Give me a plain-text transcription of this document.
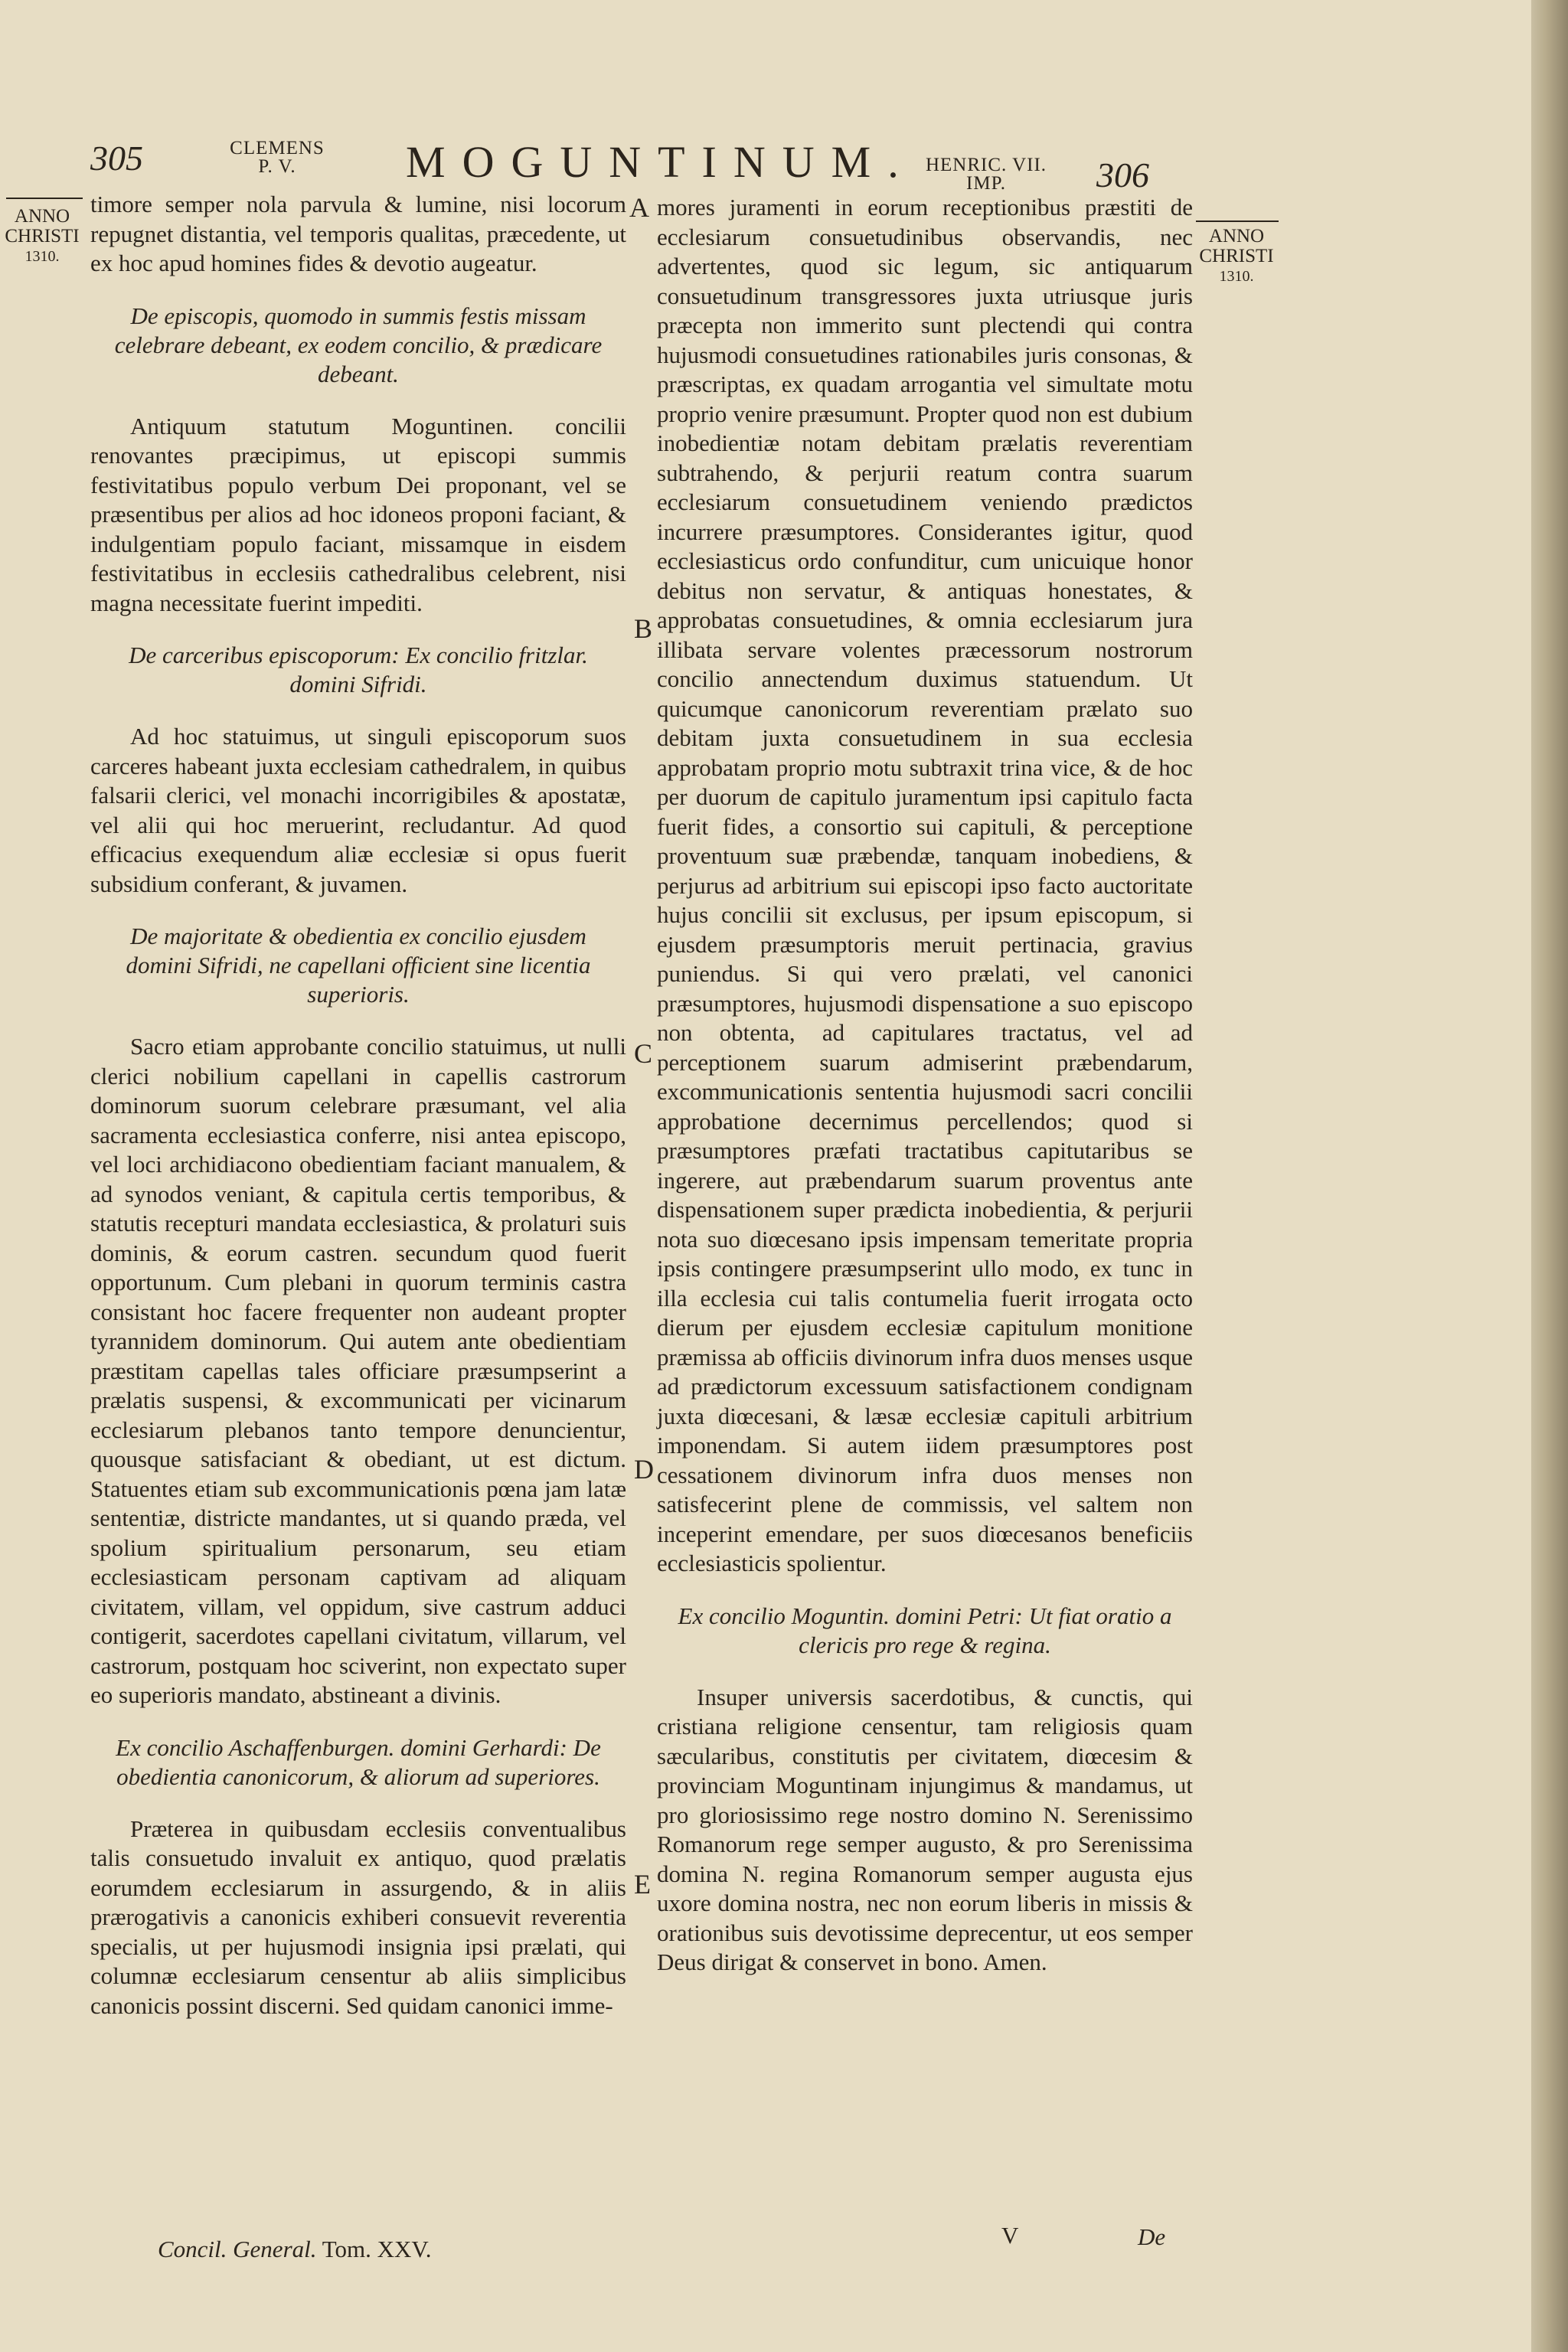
305	CLEMENS
P. V.	MOGUNTINUM. HENRIC. VII.
IMP.	306
ANNO
CHRISTI
1310.
ANNO
CHRISTI
1310.
A
B
C
D
E

timore semper nola parvula & lumine, nisi locorum repugnet distantia, vel temporis qualitas, præcedente, ut ex hoc apud homines fides & devotio augeatur.

De episcopis, quomodo in summis festis missam celebrare debeant, ex eodem concilio, & prædicare debeant.

Antiquum statutum Moguntinen. concilii renovantes præcipimus, ut episcopi summis festivitatibus populo verbum Dei proponant, vel se præsentibus per alios ad hoc idoneos proponi faciant, & indulgentiam populo faciant, missamque in eisdem festivitatibus in ecclesiis cathedralibus celebrent, nisi magna necessitate fuerint impediti.

De carceribus episcoporum: Ex concilio fritzlar. domini Sifridi.

Ad hoc statuimus, ut singuli episcoporum suos carceres habeant juxta ecclesiam cathedralem, in quibus falsarii clerici, vel monachi incorrigibiles & apostatæ, vel alii qui hoc meruerint, recludantur. Ad quod efficacius exequendum aliæ ecclesiæ si opus fuerit subsidium conferant, & juvamen.

De majoritate & obedientia ex concilio ejusdem domini Sifridi, ne capellani officient sine licentia superioris.

Sacro etiam approbante concilio statuimus, ut nulli clerici nobilium capellani in capellis castrorum dominorum suorum celebrare præsumant, vel alia sacramenta ecclesiastica conferre, nisi antea episcopo, vel loci archidiacono obedientiam faciant manualem, & ad synodos veniant, & capitula certis temporibus, & statutis recepturi mandata ecclesiastica, & prolaturi suis dominis, & eorum castren. secundum quod fuerit opportunum. Cum plebani in quorum terminis castra consistant hoc facere frequenter non audeant propter tyrannidem dominorum. Qui autem ante obedientiam præstitam capellas tales officiare præsumpserint a prælatis suspensi, & excommunicati per vicinarum ecclesiarum plebanos tanto tempore denuncientur, quousque satisfaciant & obediant, ut est dictum. Statuentes etiam sub excommunicationis pœna jam latæ sententiæ, districte mandantes, ut si quando præda, vel spolium spiritualium personarum, seu etiam ecclesiasticam personam captivam ad aliquam civitatem, villam, vel oppidum, sive castrum adduci contigerit, sacerdotes capellani civitatum, villarum, vel castrorum, postquam hoc sciverint, non expectato super eo superioris mandato, abstineant a divinis.

Ex concilio Aschaffenburgen. domini Gerhardi: De obedientia canonicorum, & aliorum ad superiores.

Præterea in quibusdam ecclesiis conventualibus talis consuetudo invaluit ex antiquo, quod prælatis eorumdem ecclesiarum in assurgendo, & in aliis prærogativis a canonicis exhiberi consuevit reverentia specialis, ut per hujusmodi insignia ipsi prælati, qui columnæ ecclesiarum censentur ab aliis simplicibus canonicis possint discerni. Sed quidam canonici imme-

Concil. General. Tom. XXV.

mores juramenti in eorum receptionibus præstiti de ecclesiarum consuetudinibus observandis, nec advertentes, quod sic legum, sic antiquarum consuetudinum transgressores juxta utriusque juris præcepta non immerito sunt plectendi qui contra hujusmodi consuetudines rationabiles juris consonas, & præscriptas, ex quadam arrogantia vel simultate motu proprio venire præsumunt. Propter quod non est dubium inobedientiæ notam debitam prælatis reverentiam subtrahendo, & perjurii reatum contra suarum ecclesiarum consuetudinem veniendo prædictos incurrere præsumptores. Considerantes igitur, quod ecclesiasticus ordo confunditur, cum unicuique honor debitus non servatur, & antiquas honestates, & approbatas consuetudines, & omnia ecclesiarum jura illibata servare volentes præcessorum nostrorum concilio annectendum duximus statuendum. Ut quicumque canonicorum reverentiam prælato suo debitam juxta consuetudinem in sua ecclesia approbatam proprio motu subtraxit trina vice, & de hoc per duorum de capitulo juramentum ipsi capitulo facta fuerit fides, a consortio sui capituli, & perceptione proventuum suæ præbendæ, tanquam inobediens, & perjurus ad arbitrium sui episcopi ipso facto auctoritate hujus concilii sit exclusus, per ipsum episcopum, si ejusdem præsumptoris meruit pertinacia, gravius puniendus. Si qui vero prælati, vel canonici præsumptores, hujusmodi dispensatione a suo episcopo non obtenta, ad capitulares tractatus, vel ad perceptionem suarum admiserint præbendarum, excommunicationis sententia hujusmodi sacri concilii approbatione decernimus percellendos; quod si præsumptores præfati tractatibus capitutaribus se ingerere, aut præbendarum suarum proventus ante dispensationem super prædicta inobedientia, & perjurii nota suo diœcesano ipsis impensam temeritate propria ipsis contingere præsumpserint ullo modo, ex tunc in illa ecclesia cui talis contumelia fuerit irrogata octo dierum per ejusdem ecclesiæ capitulum monitione præmissa ab officiis divinorum infra duos menses usque ad prædictorum excessuum satisfactionem condignam juxta diœcesani, & læsæ ecclesiæ capituli arbitrium imponendam. Si autem iidem præsumptores post cessationem divinorum infra duos menses non satisfecerint plene de commissis, vel saltem non inceperint emendare, per suos diœcesanos beneficiis ecclesiasticis spolientur.

Ex concilio Moguntin. domini Petri: Ut fiat oratio a clericis pro rege & regina.

Insuper universis sacerdotibus, & cunctis, qui cristiana religione censentur, tam religiosis quam sæcularibus, constitutis per civitatem, diœcesim & provinciam Moguntinam injungimus & mandamus, ut pro gloriosissimo rege nostro domino N. Serenissimo Romanorum rege semper augusto, & pro Serenissima domina N. regina Romanorum semper augusta ejus uxore domina nostra, nec non eorum liberis in missis & orationibus suis devotissime deprecentur, ut eos semper Deus dirigat & conservet in bono. Amen.

V	De
